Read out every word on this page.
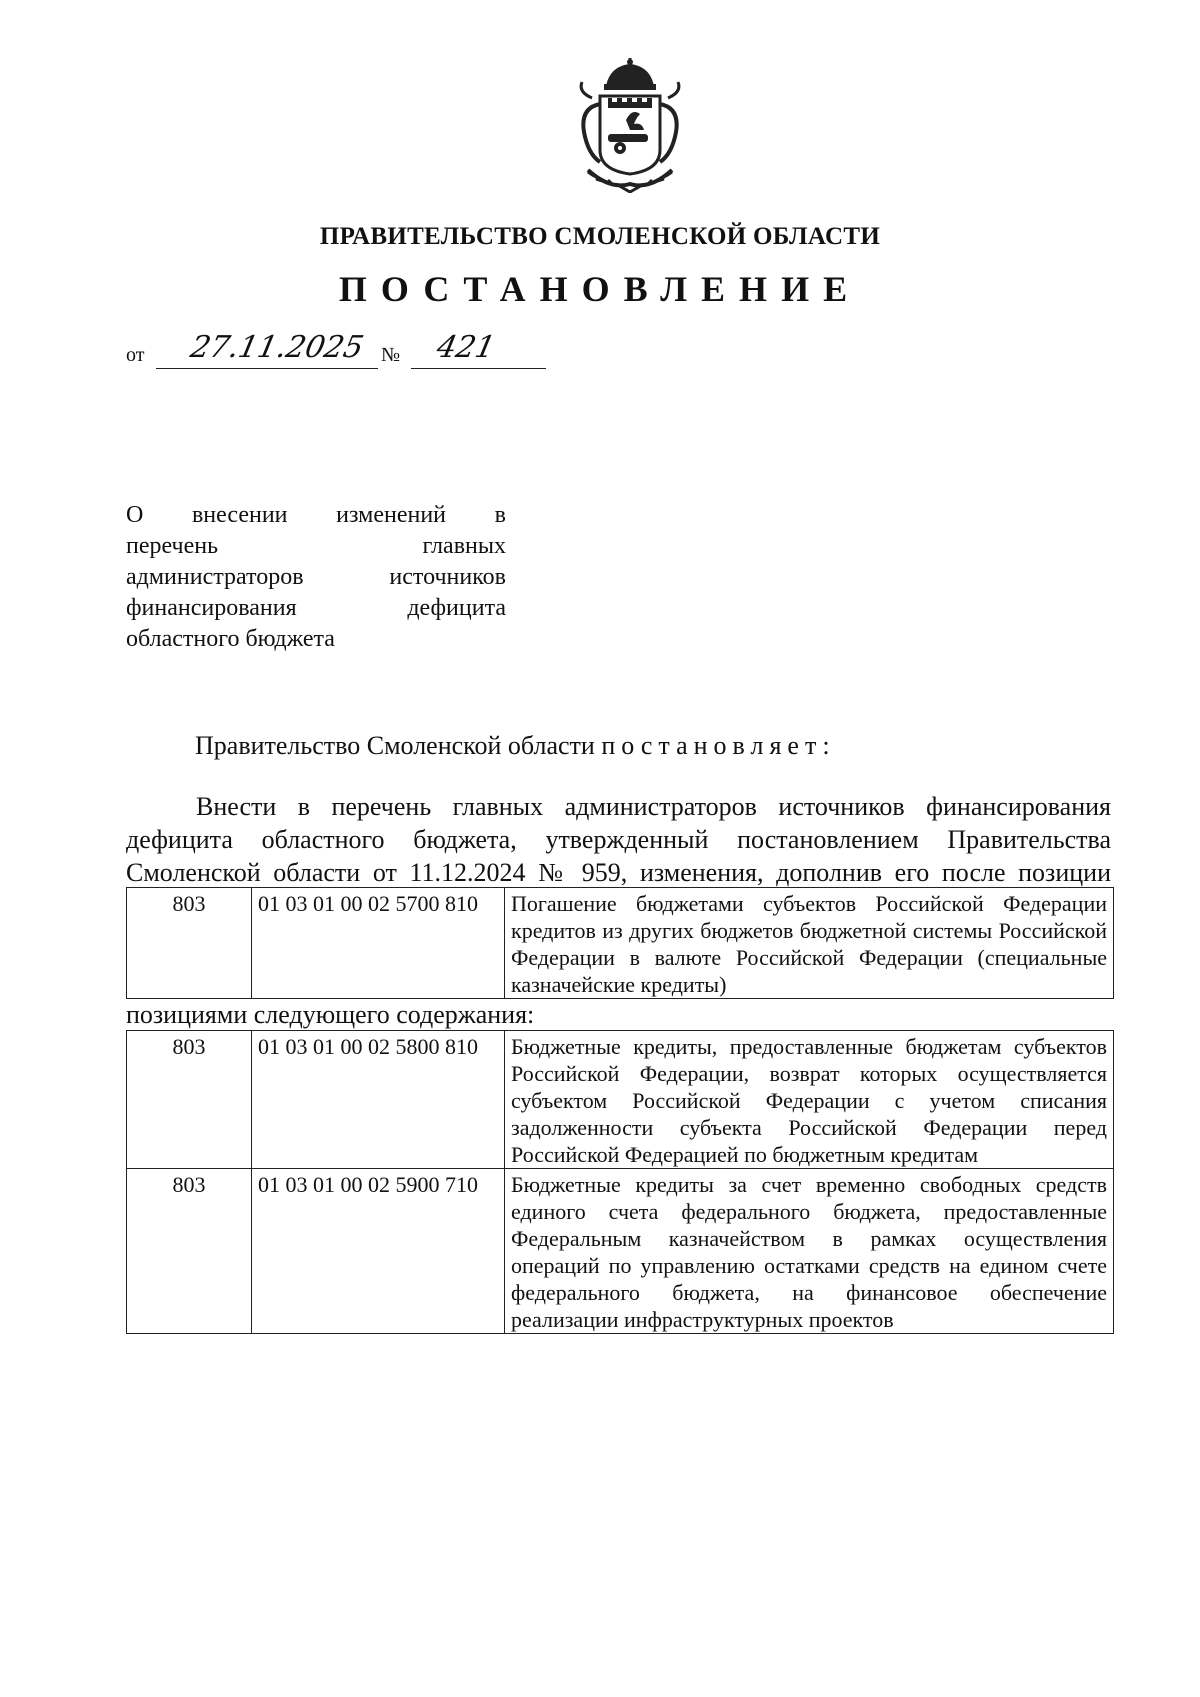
ПРАВИТЕЛЬСТВО СМОЛЕНСКОЙ ОБЛАСТИ
ПОСТАНОВЛЕНИЕ
от	27.11.2025 №	421
О внесении изменений в
перечень главных
администраторов источников
финансирования дефицита
областного бюджета
Правительство Смоленской области постановляет:
Внести в перечень главных администраторов источников финансирования
дефицита областного бюджета, утвержденный постановлением Правительства
Смоленской области от 11.12.2024 № 959, изменения, дополнив его после позиции
803	01 03 01 00 02 5700 810	Погашение бюджетами субъектов Российской Федерации кредитов из других бюджетов бюджетной системы Российской Федерации в валюте Российской Федерации (специальные казначейские кредиты)
позициями следующего содержания:
803	01 03 01 00 02 5800 810	Бюджетные кредиты, предоставленные бюджетам субъектов Российской Федерации, возврат которых осуществляется субъектом Российской Федерации с учетом списания задолженности субъекта Российской Федерации перед Российской Федерацией по бюджетным кредитам
803	01 03 01 00 02 5900 710	Бюджетные кредиты за счет временно свободных средств единого счета федерального бюджета, предоставленные Федеральным казначейством в рамках осуществления операций по управлению остатками средств на едином счете федерального бюджета, на финансовое обеспечение реализации инфраструктурных проектов
